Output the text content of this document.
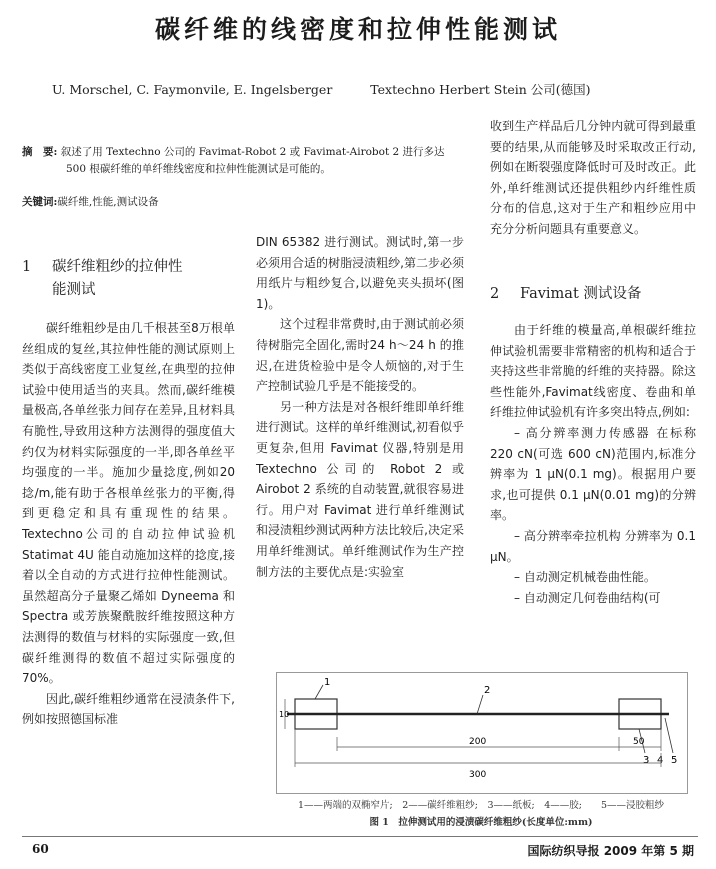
碳纤维的线密度和拉伸性能测试
U. Morschel, C. Faymonvile, E. Ingelsberger	Textechno Herbert Stein 公司(德国)
摘　要: 叙述了用 Textechno 公司的 Favimat-Robot 2 或 Favimat-Airobot 2 进行多达
500 根碳纤维的单纤维线密度和拉伸性能测试是可能的。
关键词:碳纤维,性能,测试设备
1 碳纤维粗纱的拉伸性
能测试

碳纤维粗纱是由几千根甚至8万根单丝组成的复丝,其拉伸性能的测试原则上类似于高线密度工业复丝,在典型的拉伸试验中使用适当的夹具。然而,碳纤维模量极高,各单丝张力间存在差异,且材料具有脆性,导致用这种方法测得的强度值大约仅为材料实际强度的一半,即各单丝平均强度的一半。施加少量捻度,例如20 捻/m,能有助于各根单丝张力的平衡,得到更稳定和具有重现性的结果。Textechno公司的自动拉伸试验机 Statimat 4U 能自动施加这样的捻度,接着以全自动的方式进行拉伸性能测试。虽然超高分子量聚乙烯如 Dyneema 和 Spectra 或芳族聚酰胺纤维按照这种方法测得的数值与材料的实际强度一致,但碳纤维测得的数值不超过实际强度的70%。

因此,碳纤维粗纱通常在浸渍条件下,例如按照德国标准

DIN 65382 进行测试。测试时,第一步必须用合适的树脂浸渍粗纱,第二步必须用纸片与粗纱复合,以避免夹头损坏(图1)。

这个过程非常费时,由于测试前必须待树脂完全固化,需时24 h～24 h 的推迟,在进货检验中是令人烦恼的,对于生产控制试验几乎是不能接受的。

另一种方法是对各根纤维即单纤维进行测试。这样的单纤维测试,初看似乎更复杂,但用 Favimat 仪器,特别是用 Textechno 公司的 Robot 2 或 Airobot 2 系统的自动装置,就很容易进行。用户对 Favimat 进行单纤维测试和浸渍粗纱测试两种方法比较后,决定采用单纤维测试。单纤维测试作为生产控制方法的主要优点是:实验室

收到生产样品后几分钟内就可得到最重要的结果,从而能够及时采取改正行动,例如在断裂强度降低时可及时改正。此外,单纤维测试还提供粗纱内纤维性质分布的信息,这对于生产和粗纱应用中充分分析问题具有重要意义。

2 Favimat 测试设备

由于纤维的模量高,单根碳纤维拉伸试验机需要非常精密的机构和适合于夹持这些非常脆的纤维的夹持器。除这些性能外,Favimat线密度、卷曲和单纤维拉伸试验机有许多突出特点,例如:

– 高分辨率测力传感器 在标称 220 cN(可选 600 cN)范围内,标准分辨率为 1 μN(0.1 mg)。根据用户要求,也可提供 0.1 μN(0.01 mg)的分辨率。

– 高分辨率牵拉机构 分辨率为 0.1 μN。

– 自动测定机械卷曲性能。

– 自动测定几何卷曲结构(可

1
2
3 4 5
10
200	50
300
1——两端的双椭窄片;　2——碳纤维粗纱;　3——纸板;　4——胶;　　5——浸胶粗纱
图 1　拉伸测试用的浸渍碳纤维粗纱(长度单位:mm)
60	国际纺织导报 2009 年第 5 期
